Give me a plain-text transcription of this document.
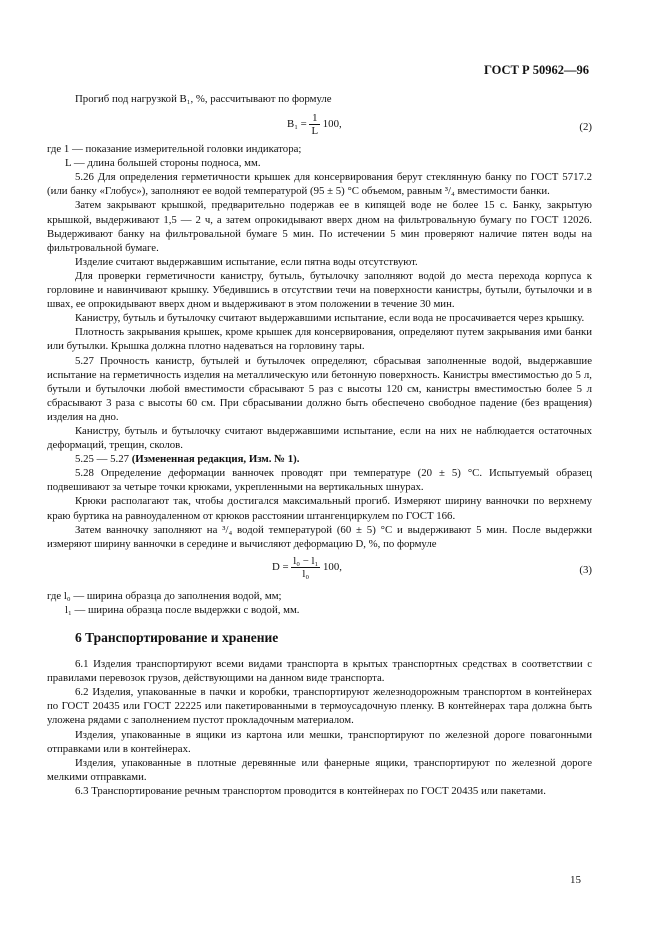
ГОСТ Р 50962—96

Прогиб под нагрузкой B₁, %, рассчитывают по формуле

$B_1 = \frac{1}{L} 100$,	(2)

где 1 — показание измерительной головки индикатора;

L — длина большей стороны подноса, мм.

5.26 Для определения герметичности крышек для консервирования берут стеклянную банку по ГОСТ 5717.2 (или банку «Глобус»), заполняют ее водой температурой (95 ± 5) °С объемом, равным ³/₄ вместимости банки.

Затем закрывают крышкой, предварительно подержав ее в кипящей воде не более 15 с. Банку, закрытую крышкой, выдерживают 1,5 — 2 ч, а затем опрокидывают вверх дном на фильтровальную бумагу по ГОСТ 12026. Выдерживают банку на фильтровальной бумаге 5 мин. По истечении 5 мин проверяют наличие пятен воды на фильтровальной бумаге.

Изделие считают выдержавшим испытание, если пятна воды отсутствуют.

Для проверки герметичности канистру, бутыль, бутылочку заполняют водой до места перехода корпуса к горловине и навинчивают крышку. Убедившись в отсутствии течи на поверхности канистры, бутыли, бутылочки и в швах, ее опрокидывают вверх дном и выдерживают в этом положении в течение 30 мин.

Канистру, бутыль и бутылочку считают выдержавшими испытание, если вода не просачивается через крышку.

Плотность закрывания крышек, кроме крышек для консервирования, определяют путем закрывания ими банки или бутылки. Крышка должна плотно надеваться на горловину тары.

5.27 Прочность канистр, бутылей и бутылочек определяют, сбрасывая заполненные водой, выдержавшие испытание на герметичность изделия на металлическую или бетонную поверхность. Канистры вместимостью до 5 л, бутыли и бутылочки любой вместимости сбрасывают 5 раз с высоты 120 см, канистры вместимостью более 5 л сбрасывают 3 раза с высоты 60 см. При сбрасывании должно быть обеспечено свободное падение (без вращения) изделия на дно.

Канистру, бутыль и бутылочку считают выдержавшими испытание, если на них не наблюдается остаточных деформаций, трещин, сколов.

5.25 — 5.27 (Измененная редакция, Изм. № 1).

5.28 Определение деформации ванночек проводят при температуре (20 ± 5) °С. Испытуемый образец подвешивают за четыре точки крюками, укрепленными на вертикальных шнурах.

Крюки располагают так, чтобы достигался максимальный прогиб. Измеряют ширину ванночки по верхнему краю буртика на равноудаленном от крюков расстоянии штангенциркулем по ГОСТ 166.

Затем ванночку заполняют на ³/₄ водой температурой (60 ± 5) °С и выдерживают 5 мин. После выдержки измеряют ширину ванночки в середине и вычисляют деформацию D, %, по формуле

$D = \frac{\text{l₀ − l₁}}{\text{l₀}} 100$,	(3)

где l₀ — ширина образца до заполнения водой, мм;

l₁ — ширина образца после выдержки с водой, мм.

6 Транспортирование и хранение

6.1 Изделия транспортируют всеми видами транспорта в крытых транспортных средствах в соответствии с правилами перевозок грузов, действующими на данном виде транспорта.

6.2 Изделия, упакованные в пачки и коробки, транспортируют железнодорожным транспортом в контейнерах по ГОСТ 20435 или ГОСТ 22225 или пакетированными в термоусадочную пленку. В контейнерах тара должна быть уложена рядами с заполнением пустот прокладочным материалом.

Изделия, упакованные в ящики из картона или мешки, транспортируют по железной дороге повагонными отправками или в контейнерах.

Изделия, упакованные в плотные деревянные или фанерные ящики, транспортируют по железной дороге мелкими отправками.

6.3 Транспортирование речным транспортом проводится в контейнерах по ГОСТ 20435 или пакетами.

15
